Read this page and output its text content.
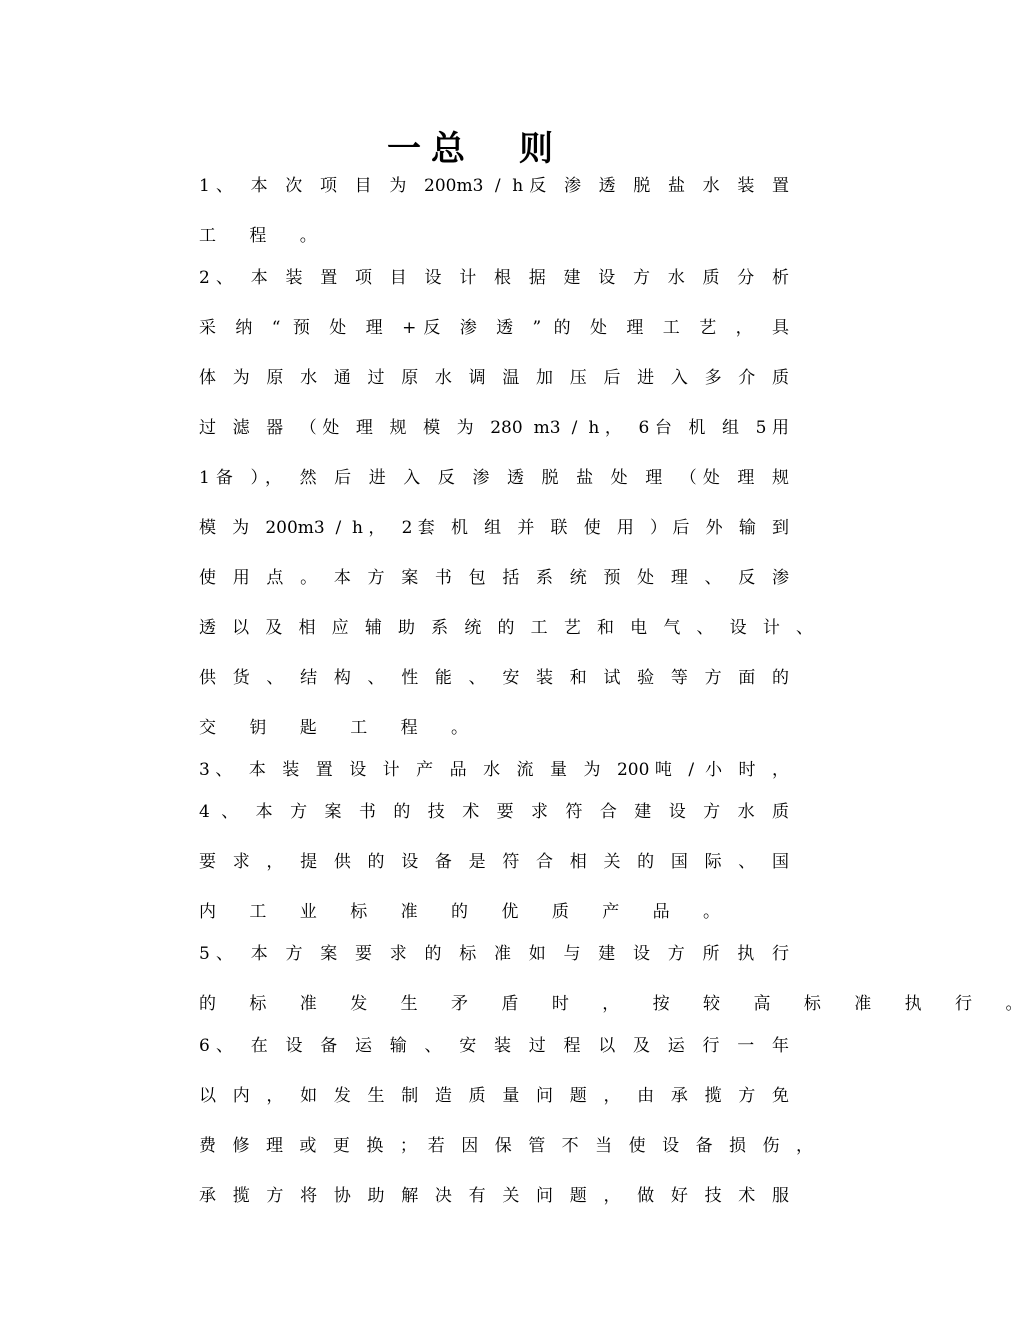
一总　则
1、 本 次 项 目 为 200m3 / h反 渗 透 脱 盐 水 装 置
工 程 。
2、 本 装 置 项 目 设 计 根 据 建 设 方 水 质 分 析
采 纳 “ 预 处 理 +反 渗 透 ” 的 处 理 工 艺 ， 具
体 为 原 水 通 过 原 水 调 温 加 压 后 进 入 多 介 质
过 滤 器 （处 理 规 模 为 280 m3 / h， 6台 机 组 5用
1备 ）， 然 后 进 入 反 渗 透 脱 盐 处 理 （处 理 规
模 为 200m3 / h， 2套 机 组 并 联 使 用 ）后 外 输 到
使 用 点 。 本 方 案 书 包 括 系 统 预 处 理 、 反 渗
透 以 及 相 应 辅 助 系 统 的 工 艺 和 电 气 、 设 计 、
供 货 、 结 构 、 性 能 、 安 装 和 试 验 等 方 面 的
交 钥 匙 工 程 。
3、 本 装 置 设 计 产 品 水 流 量 为 200吨 / 小 时 ，
4 、 本 方 案 书 的 技 术 要 求 符 合 建 设 方 水 质
要 求 ， 提 供 的 设 备 是 符 合 相 关 的 国 际 、 国
内 工 业 标 准 的 优 质 产 品 。
5、 本 方 案 要 求 的 标 准 如 与 建 设 方 所 执 行
的 标 准 发 生 矛 盾 时 ， 按 较 高 标 准 执 行 。
6、 在 设 备 运 输 、 安 装 过 程 以 及 运 行 一 年
以 内 ， 如 发 生 制 造 质 量 问 题 ， 由 承 揽 方 免
费 修 理 或 更 换 ； 若 因 保 管 不 当 使 设 备 损 伤 ，
承 揽 方 将 协 助 解 决 有 关 问 题 ， 做 好 技 术 服
